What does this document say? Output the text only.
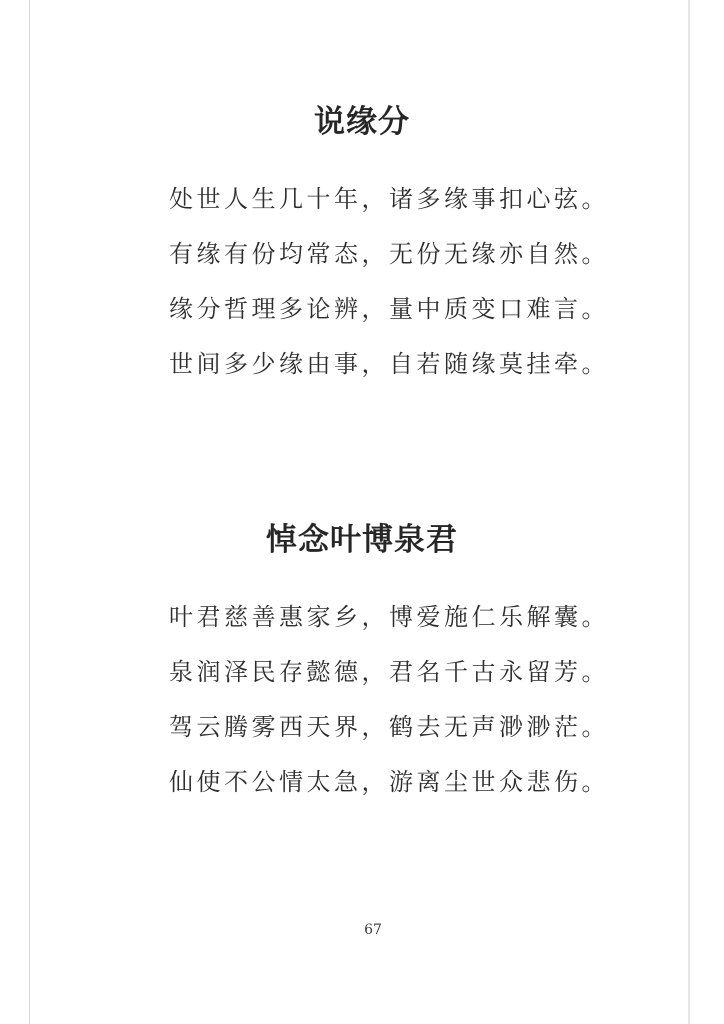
说缘分
处世人生几十年，诸多缘事扣心弦。
有缘有份均常态，无份无缘亦自然。
缘分哲理多论辨，量中质变口难言。
世间多少缘由事，自若随缘莫挂牵。
悼念叶博泉君
叶君慈善惠家乡，博爱施仁乐解囊。
泉润泽民存懿德，君名千古永留芳。
驾云腾雾西天界，鹤去无声渺渺茫。
仙使不公情太急，游离尘世众悲伤。
67
